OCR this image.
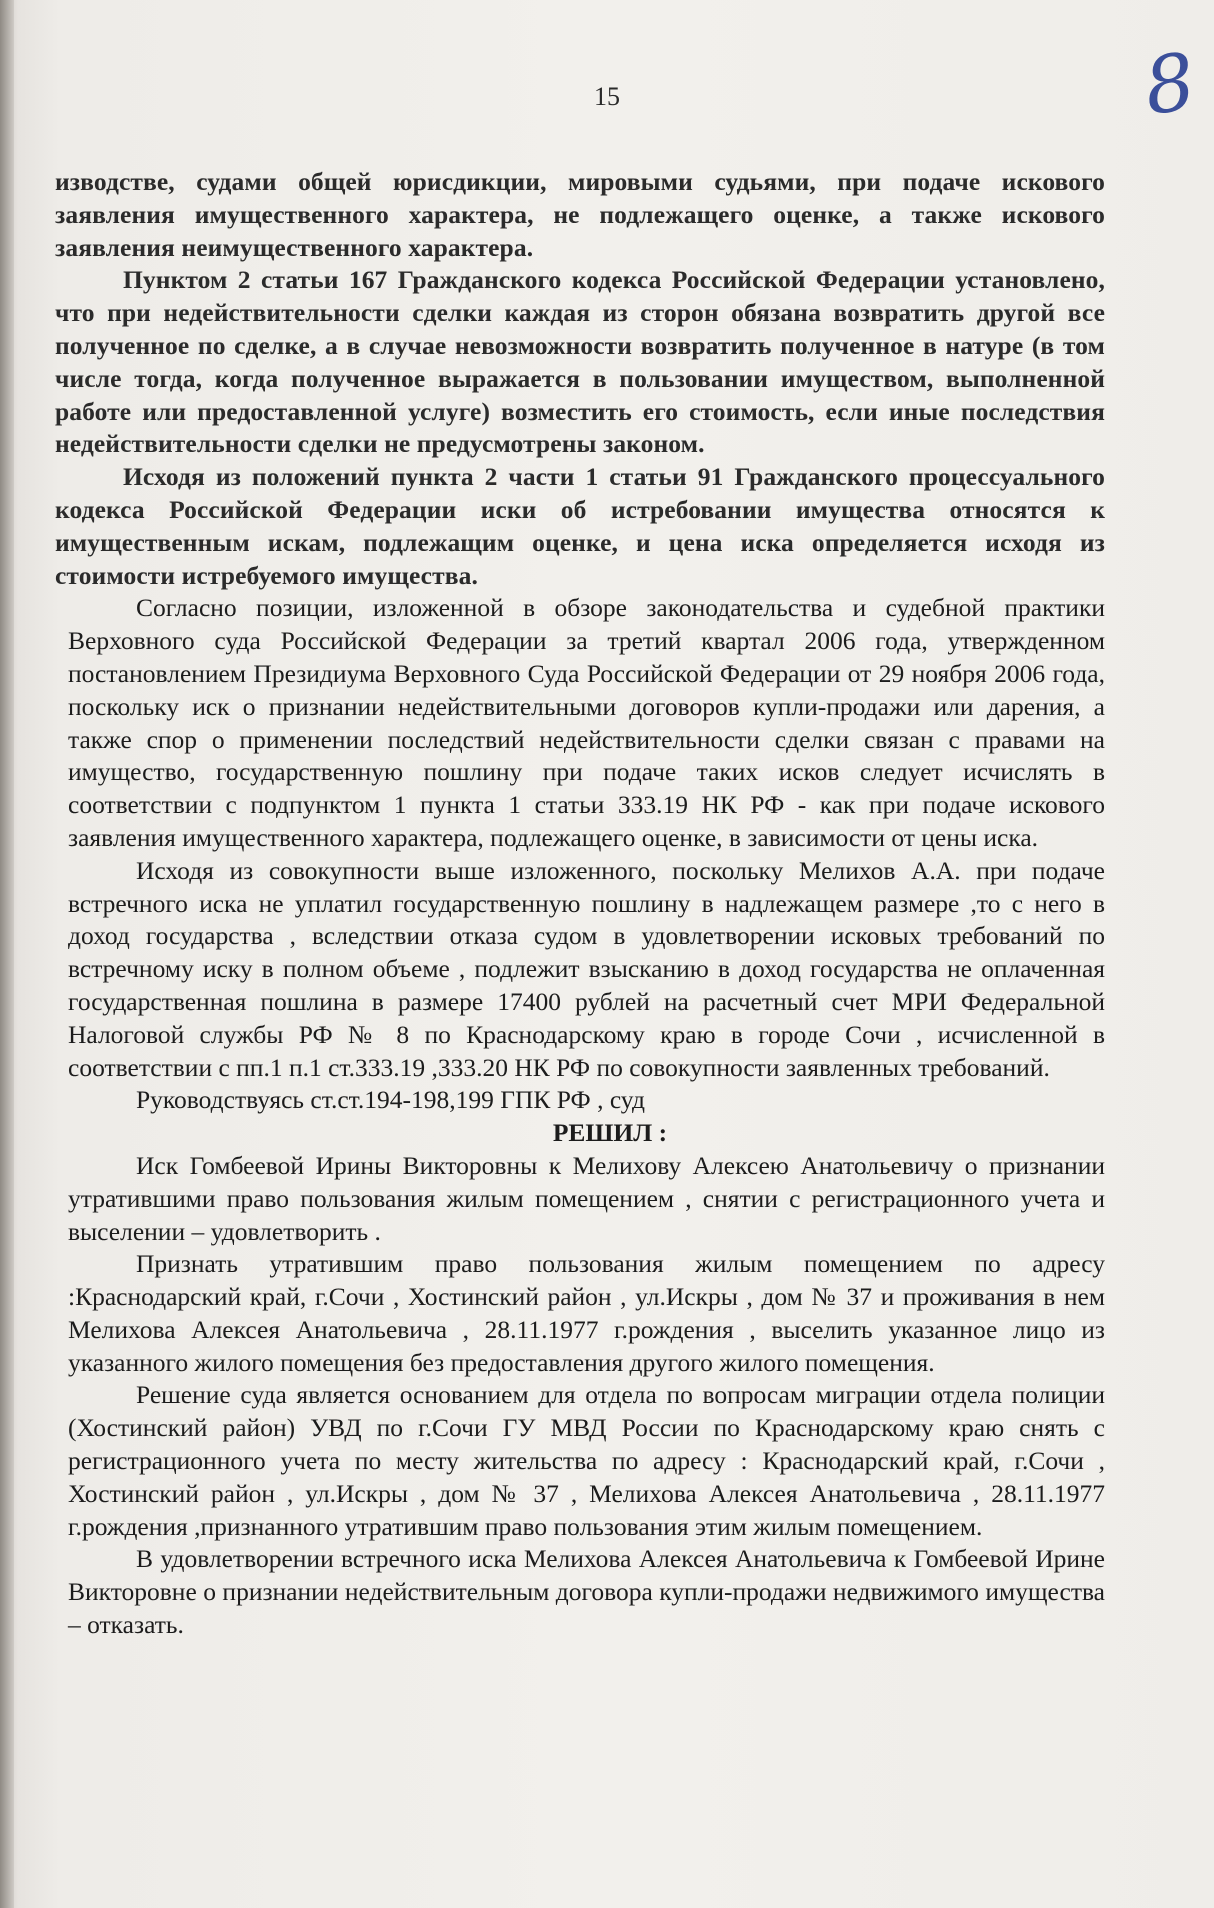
15	8

изводстве, судами общей юрисдикции, мировыми судьями, при подаче искового заявления имущественного характера, не подлежащего оценке, а также искового заявления неимущественного характера.

Пунктом 2 статьи 167 Гражданского кодекса Российской Федерации установлено, что при недействительности сделки каждая из сторон обязана возвратить другой все полученное по сделке, а в случае невозможности возвратить полученное в натуре (в том числе тогда, когда полученное выражается в пользовании имуществом, выполненной работе или предоставленной услуге) возместить его стоимость, если иные последствия недействительности сделки не предусмотрены законом.

Исходя из положений пункта 2 части 1 статьи 91 Гражданского процессуального кодекса Российской Федерации иски об истребовании имущества относятся к имущественным искам, подлежащим оценке, и цена иска определяется исходя из стоимости истребуемого имущества.

Согласно позиции, изложенной в обзоре законодательства и судебной практики Верховного суда Российской Федерации за третий квартал 2006 года, утвержденном постановлением Президиума Верховного Суда Российской Федерации от 29 ноября 2006 года, поскольку иск о признании недействительными договоров купли-продажи или дарения, а также спор о применении последствий недействительности сделки связан с правами на имущество, государственную пошлину при подаче таких исков следует исчислять в соответствии с подпунктом 1 пункта 1 статьи 333.19 НК РФ - как при подаче искового заявления имущественного характера, подлежащего оценке, в зависимости от цены иска.

Исходя из совокупности выше изложенного, поскольку Мелихов А.А. при подаче встречного иска не уплатил государственную пошлину в надлежащем размере ,то с него в доход государства , вследствии отказа судом в удовлетворении исковых требований по встречному иску в полном объеме , подлежит взысканию в доход государства не оплаченная государственная пошлина в размере 17400 рублей на расчетный счет МРИ Федеральной Налоговой службы РФ № 8 по Краснодарскому краю в городе Сочи , исчисленной в соответствии с пп.1 п.1 ст.333.19 ,333.20 НК РФ по совокупности заявленных требований.

Руководствуясь ст.ст.194-198,199 ГПК РФ , суд

РЕШИЛ :

Иск Гомбеевой Ирины Викторовны к Мелихову Алексею Анатольевичу о признании утратившими право пользования жилым помещением , снятии с регистрационного учета и выселении – удовлетворить .

Признать утратившим право пользования жилым помещением по адресу :Краснодарский край, г.Сочи , Хостинский район , ул.Искры , дом № 37 и проживания в нем Мелихова Алексея Анатольевича , 28.11.1977 г.рождения , выселить указанное лицо из указанного жилого помещения без предоставления другого жилого помещения.

Решение суда является основанием для отдела по вопросам миграции отдела полиции (Хостинский район) УВД по г.Сочи ГУ МВД России по Краснодарскому краю снять с регистрационного учета по месту жительства по адресу : Краснодарский край, г.Сочи , Хостинский район , ул.Искры , дом № 37 , Мелихова Алексея Анатольевича , 28.11.1977 г.рождения ,признанного утратившим право пользования этим жилым помещением.

В удовлетворении встречного иска Мелихова Алексея Анатольевича к Гомбеевой Ирине Викторовне о признании недействительным договора купли-продажи недвижимого имущества – отказать.
